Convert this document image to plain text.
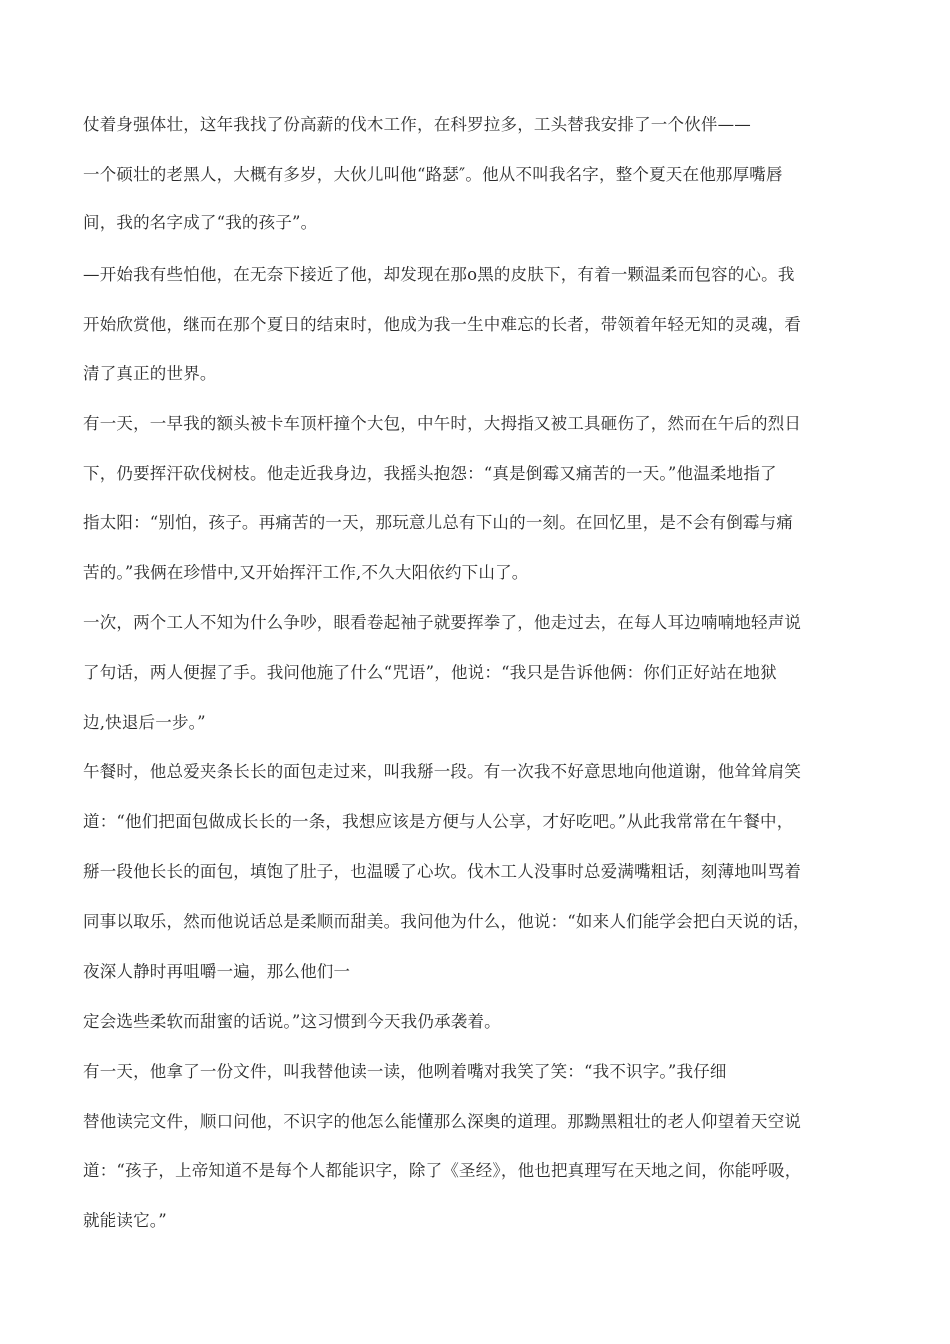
仗着身强体壮，这年我找了份高薪的伐木工作，在科罗拉多，工头替我安排了一个伙伴——

一个硕壮的老黑人，大概有多岁，大伙儿叫他“路瑟″。他从不叫我名字，整个夏天在他那厚嘴唇

间，我的名字成了“我的孩子”。

—开始我有些怕他，在无奈下接近了他，却发现在那o黑的皮肤下，有着一颗温柔而包容的心。我

开始欣赏他，继而在那个夏日的结束时，他成为我一生中难忘的长者，带领着年轻无知的灵魂，看

清了真正的世界。

有一天，一早我的额头被卡车顶杆撞个大包，中午时，大拇指又被工具砸伤了，然而在午后的烈日

下，仍要挥汗砍伐树枝。他走近我身边，我摇头抱怨：“真是倒霉又痛苦的一天。”他温柔地指了

指太阳：“别怕，孩子。再痛苦的一天，那玩意儿总有下山的一刻。在回忆里，是不会有倒霉与痛

苦的。”我俩在珍惜中,又开始挥汗工作,不久大阳依约下山了。

一次，两个工人不知为什么争吵，眼看卷起袖子就要挥拳了，他走过去，在每人耳边喃喃地轻声说

了句话，两人便握了手。我问他施了什么“咒语”，他说：“我只是告诉他俩：你们正好站在地狱

边,快退后一步。”

午餐时，他总爱夹条长长的面包走过来，叫我掰一段。有一次我不好意思地向他道谢，他耸耸肩笑

道：“他们把面包做成长长的一条，我想应该是方便与人公享，才好吃吧。”从此我常常在午餐中，

掰一段他长长的面包，填饱了肚子，也温暖了心坎。伐木工人没事时总爱满嘴粗话，刻薄地叫骂着

同事以取乐，然而他说话总是柔顺而甜美。我问他为什么，他说：“如来人们能学会把白天说的话，

夜深人静时再咀嚼一遍，那么他们一

定会选些柔软而甜蜜的话说。”这习惯到今天我仍承袭着。

有一天，他拿了一份文件，叫我替他读一读，他咧着嘴对我笑了笑：“我不识字。”我仔细

替他读完文件，顺口问他，不识字的他怎么能懂那么深奥的道理。那黝黑粗壮的老人仰望着天空说

道：“孩子，上帝知道不是每个人都能识字，除了《圣经》，他也把真理写在天地之间，你能呼吸，

就能读它。”
